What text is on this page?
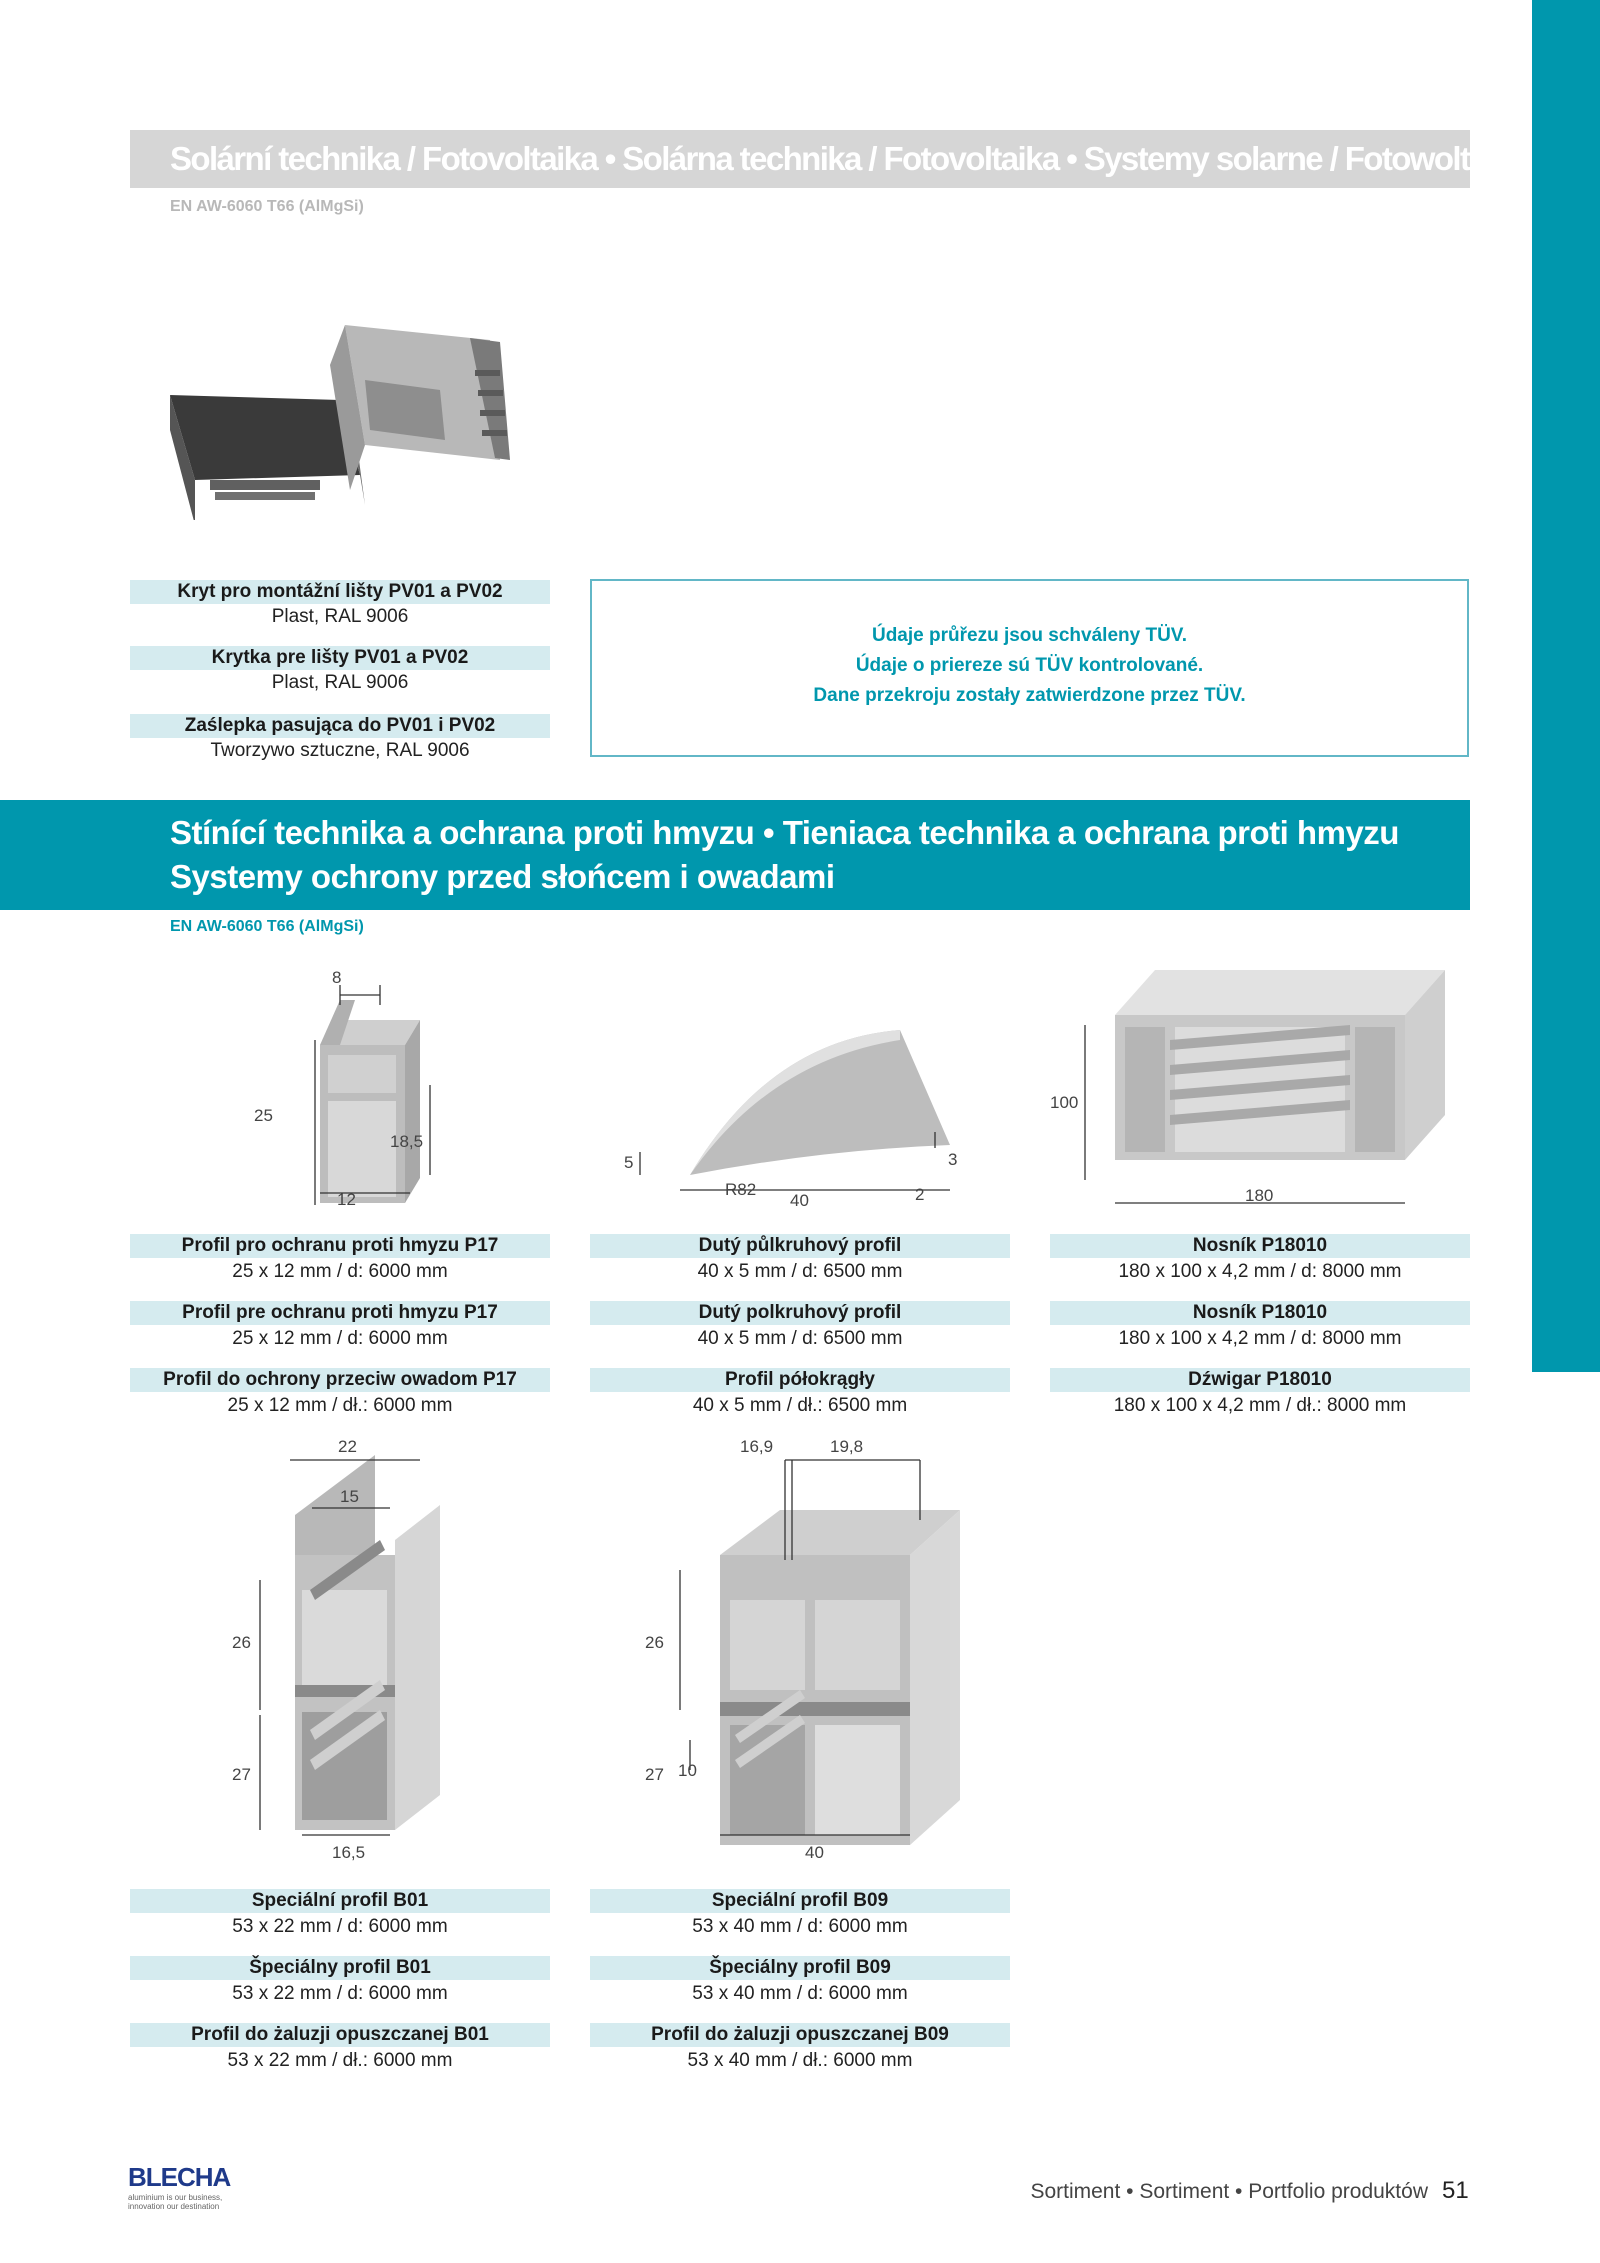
Solární technika / Fotovoltaika • Solárna technika / Fotovoltaika • Systemy solarne / Fotowoltaika
EN AW-6060 T66 (AlMgSi)
Kryt pro montážní lišty PV01 a PV02
Plast, RAL 9006
Krytka pre lišty PV01 a PV02
Plast, RAL 9006
Zaślepka pasująca do PV01 i PV02
Tworzywo sztuczne, RAL 9006
Údaje průřezu jsou schváleny TÜV.
Údaje o priereze sú TÜV kontrolované.
Dane przekroju zostały zatwierdzone przez TÜV.
Stínící technika a ochrana proti hmyzu • Tieniaca technika a ochrana proti hmyzu
Systemy ochrony przed słońcem i owadami
EN AW-6060 T66 (AlMgSi)
8
25
18,5
12
5	3
R82
40	2
100
180
Profil pro ochranu proti hmyzu P17
25 x 12 mm / d: 6000 mm
Profil pre ochranu proti hmyzu P17
25 x 12 mm / d: 6000 mm
Profil do ochrony przeciw owadom P17
25 x 12 mm / dł.: 6000 mm
Dutý půlkruhový profil
40 x 5 mm / d: 6500 mm
Dutý polkruhový profil
40 x 5 mm / d: 6500 mm
Profil półokrągły
40 x 5 mm / dł.: 6500 mm
Nosník P18010
180 x 100 x 4,2 mm / d: 8000 mm
Nosník P18010
180 x 100 x 4,2 mm / d: 8000 mm
Dźwigar P18010
180 x 100 x 4,2 mm / dł.: 8000 mm
22
15
26
27
16,5
16,9	19,8
26
27 10
40
Speciální profil B01
53 x 22 mm / d: 6000 mm
Špeciálny profil B01
53 x 22 mm / d: 6000 mm
Profil do żaluzji opuszczanej B01
53 x 22 mm / dł.: 6000 mm
Speciální profil B09
53 x 40 mm / d: 6000 mm
Špeciálny profil B09
53 x 40 mm / d: 6000 mm
Profil do żaluzji opuszczanej B09
53 x 40 mm / dł.: 6000 mm
BLECHA
aluminium is our business, innovation our destination
Sortiment • Sortiment • Portfolio produktów 51
